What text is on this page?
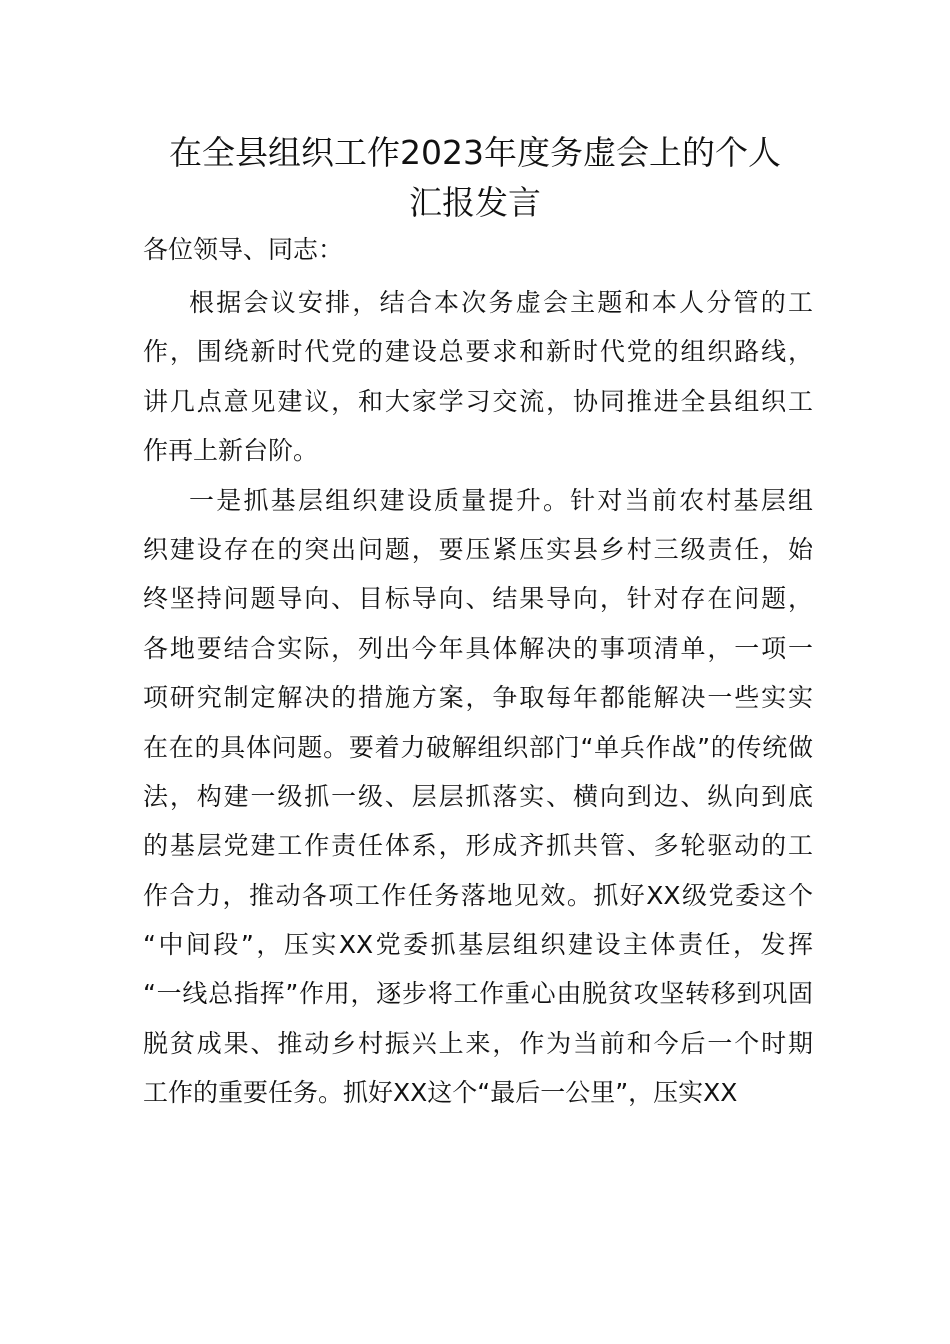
在全县组织工作2023年度务虚会上的个人
汇报发言
各位领导、同志：
根据会议安排，结合本次务虚会主题和本人分管的工
作，围绕新时代党的建设总要求和新时代党的组织路线，
讲几点意见建议，和大家学习交流，协同推进全县组织工
作再上新台阶。
一是抓基层组织建设质量提升。针对当前农村基层组
织建设存在的突出问题，要压紧压实县乡村三级责任，始
终坚持问题导向、目标导向、结果导向，针对存在问题，
各地要结合实际，列出今年具体解决的事项清单，一项一
项研究制定解决的措施方案，争取每年都能解决一些实实
在在的具体问题。要着力破解组织部门“单兵作战”的传统做
法，构建一级抓一级、层层抓落实、横向到边、纵向到底
的基层党建工作责任体系，形成齐抓共管、多轮驱动的工
作合力，推动各项工作任务落地见效。抓好XX级党委这个
“中间段”，压实XX党委抓基层组织建设主体责任，发挥
“一线总指挥”作用，逐步将工作重心由脱贫攻坚转移到巩固
脱贫成果、推动乡村振兴上来，作为当前和今后一个时期
工作的重要任务。抓好XX这个“最后一公里”，压实XX
